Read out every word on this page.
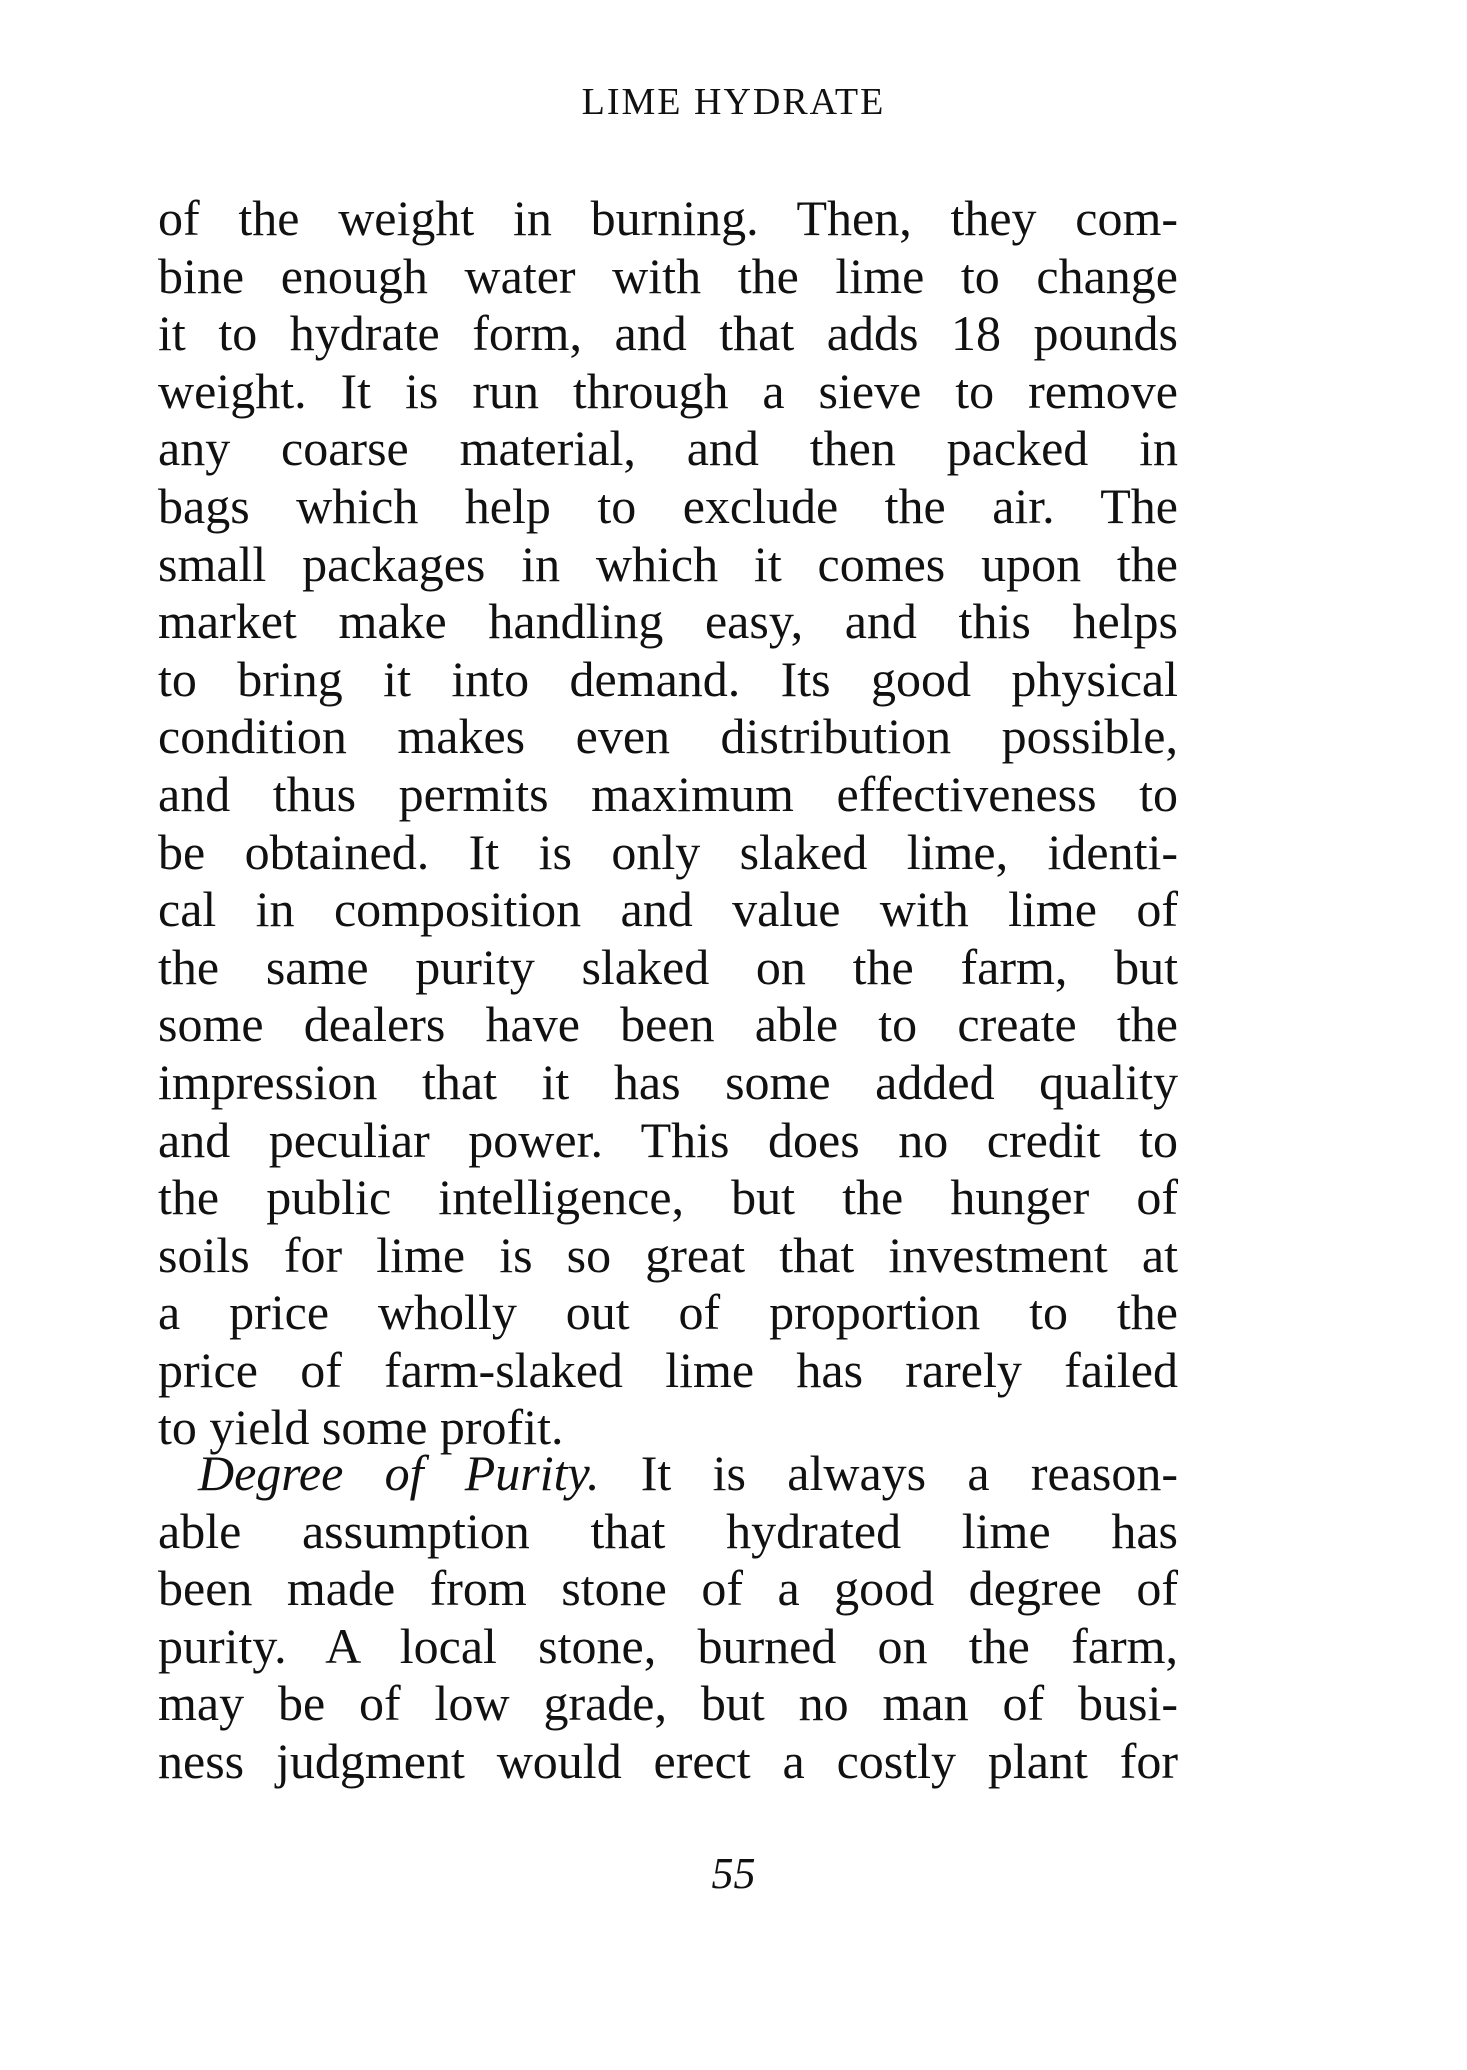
LIME HYDRATE
of the weight in burning. Then, they com-
bine enough water with the lime to change
it to hydrate form, and that adds 18 pounds
weight. It is run through a sieve to remove
any coarse material, and then packed in
bags which help to exclude the air. The
small packages in which it comes upon the
market make handling easy, and this helps
to bring it into demand. Its good physical
condition makes even distribution possible,
and thus permits maximum effectiveness to
be obtained. It is only slaked lime, identi-
cal in composition and value with lime of
the same purity slaked on the farm, but
some dealers have been able to create the
impression that it has some added quality
and peculiar power. This does no credit to
the public intelligence, but the hunger of
soils for lime is so great that investment at
a price wholly out of proportion to the
price of farm-slaked lime has rarely failed
to yield some profit.
Degree of Purity. It is always a reason-
able assumption that hydrated lime has
been made from stone of a good degree of
purity. A local stone, burned on the farm,
may be of low grade, but no man of busi-
ness judgment would erect a costly plant for
55
